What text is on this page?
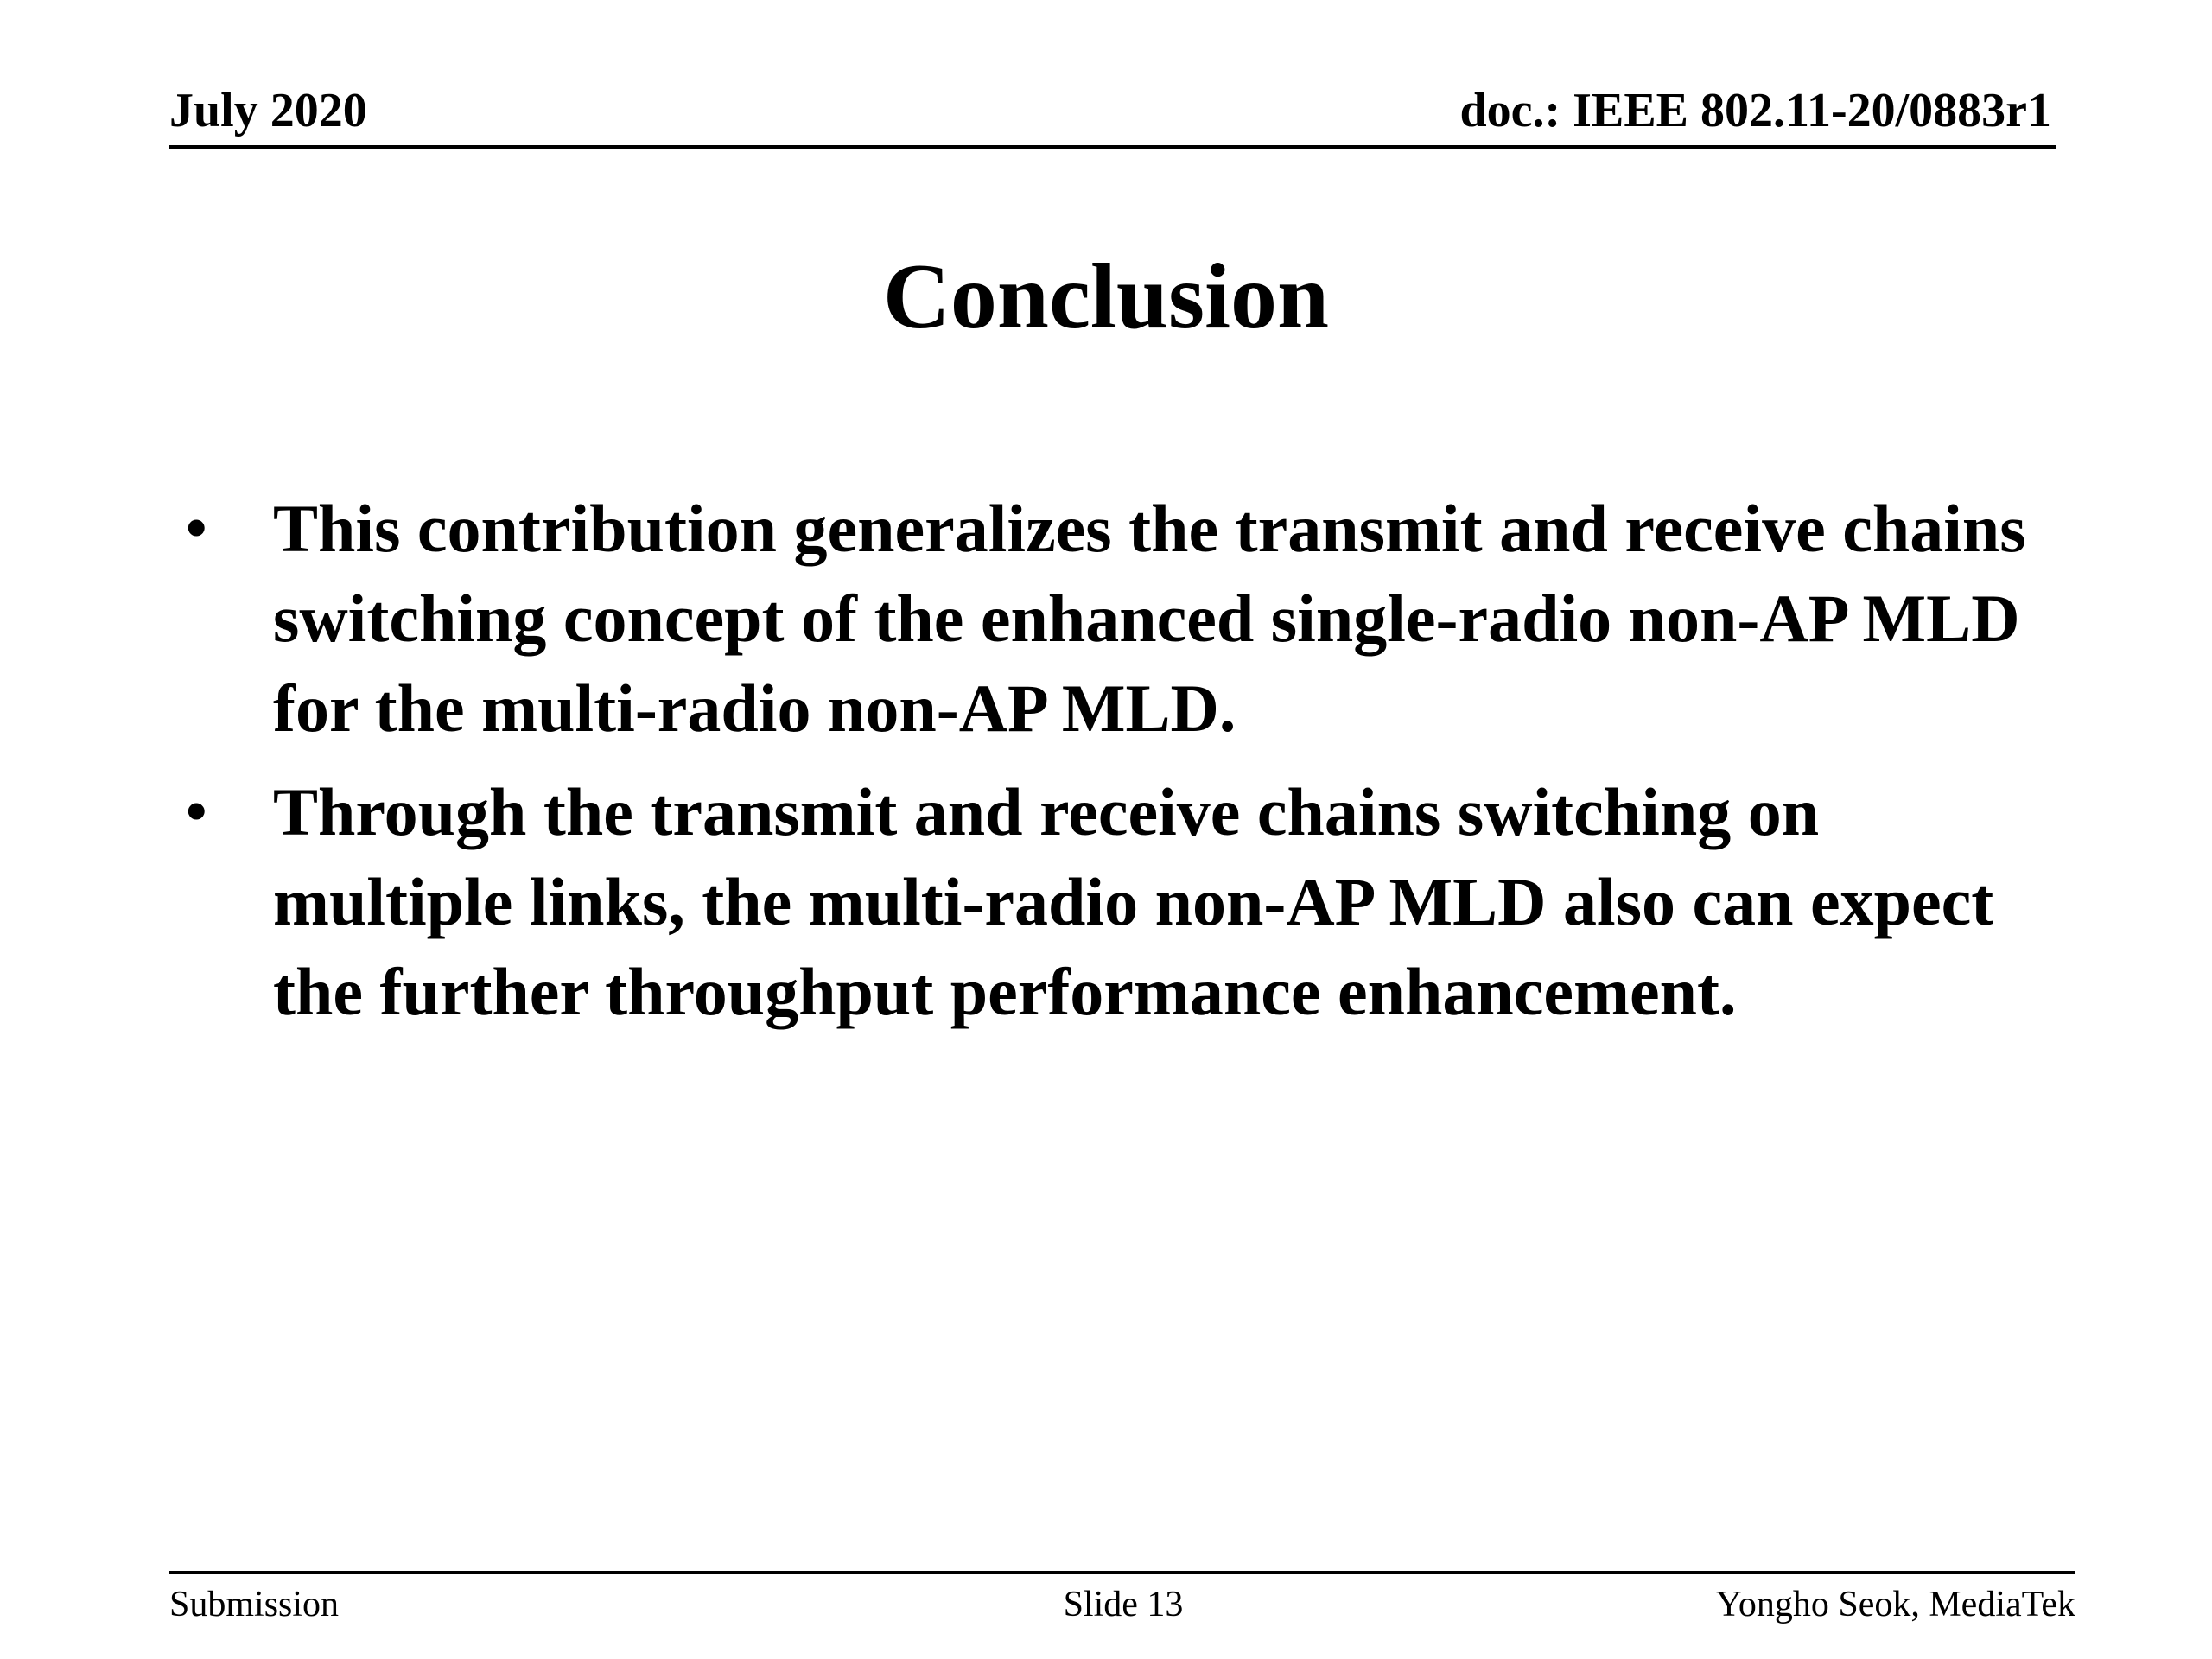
July 2020	doc.: IEEE 802.11-20/0883r1
Conclusion
• This contribution generalizes the transmit and receive chains switching concept of the enhanced single-radio non-AP MLD for the multi-radio non-AP MLD.
• Through the transmit and receive chains switching on multiple links, the multi-radio non-AP MLD also can expect the further throughput performance enhancement.
Submission	Slide 13	Yongho Seok, MediaTek
